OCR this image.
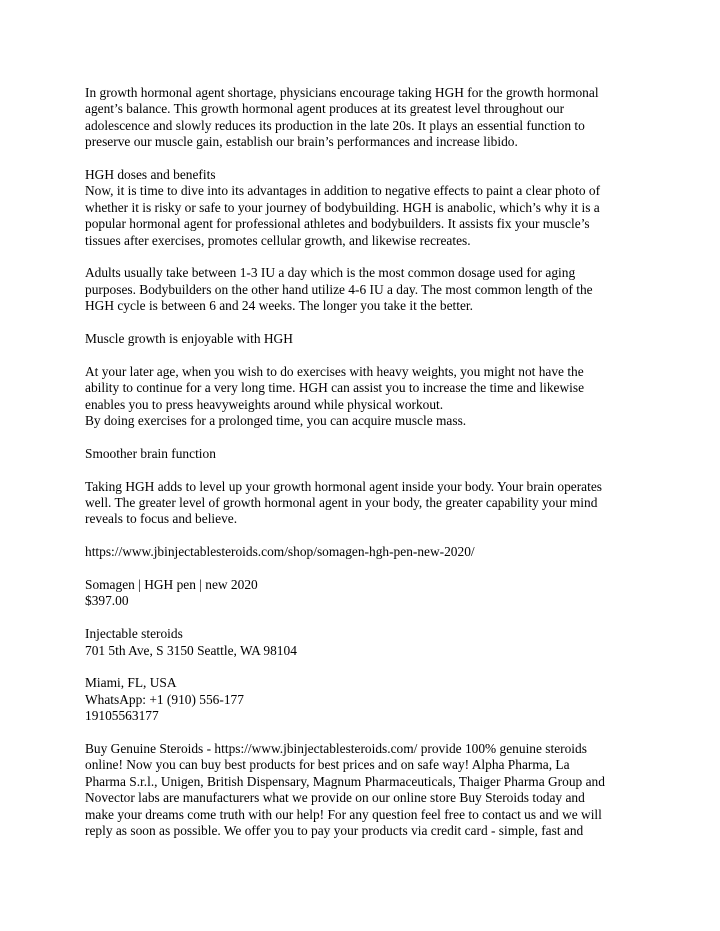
In growth hormonal agent shortage, physicians encourage taking HGH for the growth hormonal
agent’s balance. This growth hormonal agent produces at its greatest level throughout our
adolescence and slowly reduces its production in the late 20s. It plays an essential function to
preserve our muscle gain, establish our brain’s performances and increase libido.

HGH doses and benefits
Now, it is time to dive into its advantages in addition to negative effects to paint a clear photo of
whether it is risky or safe to your journey of bodybuilding. HGH is anabolic, which’s why it is a
popular hormonal agent for professional athletes and bodybuilders. It assists fix your muscle’s
tissues after exercises, promotes cellular growth, and likewise recreates.

Adults usually take between 1-3 IU a day which is the most common dosage used for aging
purposes. Bodybuilders on the other hand utilize 4-6 IU a day. The most common length of the
HGH cycle is between 6 and 24 weeks. The longer you take it the better.

Muscle growth is enjoyable with HGH

At your later age, when you wish to do exercises with heavy weights, you might not have the
ability to continue for a very long time. HGH can assist you to increase the time and likewise
enables you to press heavyweights around while physical workout.
By doing exercises for a prolonged time, you can acquire muscle mass.

Smoother brain function

Taking HGH adds to level up your growth hormonal agent inside your body. Your brain operates
well. The greater level of growth hormonal agent in your body, the greater capability your mind
reveals to focus and believe.

https://www.jbinjectablesteroids.com/shop/somagen-hgh-pen-new-2020/

Somagen | HGH pen | new 2020
$397.00

Injectable steroids
701 5th Ave, S 3150 Seattle, WA 98104

Miami, FL, USA
WhatsApp: +1 (910) 556-177
19105563177

Buy Genuine Steroids - https://www.jbinjectablesteroids.com/ provide 100% genuine steroids
online! Now you can buy best products for best prices and on safe way! Alpha Pharma, La
Pharma S.r.l., Unigen, British Dispensary, Magnum Pharmaceuticals, Thaiger Pharma Group and
Novector labs are manufacturers what we provide on our online store Buy Steroids today and
make your dreams come truth with our help! For any question feel free to contact us and we will
reply as soon as possible. We offer you to pay your products via credit card - simple, fast and
